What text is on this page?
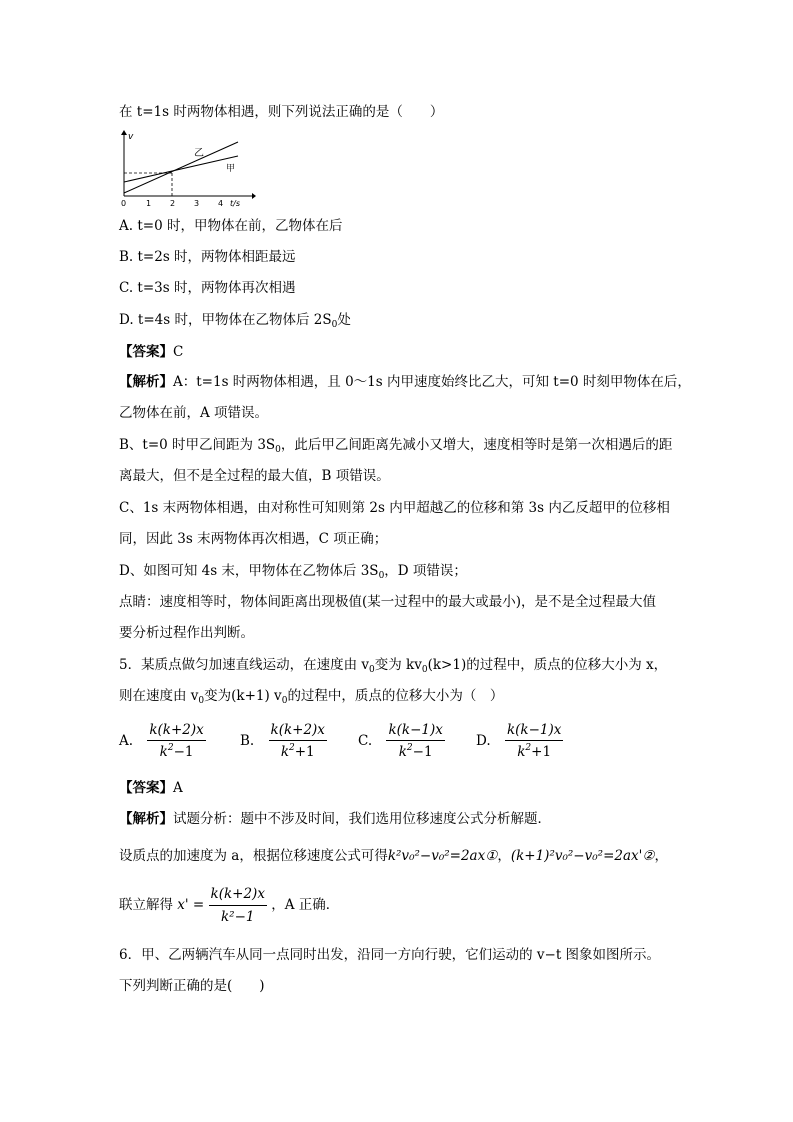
在 t=1s 时两物体相遇，则下列说法正确的是（　　）
v
乙
甲
0 1 2 3 4 t/s
A. t=0 时，甲物体在前，乙物体在后
B. t=2s 时，两物体相距最远
C. t=3s 时，两物体再次相遇
D. t=4s 时，甲物体在乙物体后 $2S_0$处
【答案】C
【解析】A：t=1s 时两物体相遇，且 0～1s 内甲速度始终比乙大，可知 t=0 时刻甲物体在后，
乙物体在前，A 项错误。
B、t=0 时甲乙间距为 $3S_0$，此后甲乙间距离先减小又增大，速度相等时是第一次相遇后的距
离最大，但不是全过程的最大值，B 项错误。
C、1s 末两物体相遇，由对称性可知则第 2s 内甲超越乙的位移和第 3s 内乙反超甲的位移相
同，因此 3s 末两物体再次相遇，C 项正确；
D、如图可知 4s 末，甲物体在乙物体后 $3S_0$，D 项错误；
点睛：速度相等时，物体间距离出现极值(某一过程中的最大或最小)，是不是全过程最大值
要分析过程作出判断。
5．某质点做匀加速直线运动，在速度由 $v_0$变为 $kv_0(k>1)$的过程中，质点的位移大小为 x，
则在速度由 $v_0$变为(k+1) $v_0$的过程中，质点的位移大小为（　）
A. $\frac{k(k+2)x}{k^2-1}$	B. $\frac{k(k+2)x}{k^2+1} C$. $\frac{k(k-1)x}{k^2-1} D$. $\frac{k(k-1)x}{k^2+1}$
【答案】A
【解析】试题分析：题中不涉及时间，我们选用位移速度公式分析解题．
设质点的加速度为 a，根据位移速度公式可得k²v₀²−v₀²=2ax①，(k+1)²v₀²−v₀²=2ax'②，
联立解得 $x' = \frac{k(k+2)x}{\text{k²−1}}$ ，A 正确．
6．甲、乙两辆汽车从同一点同时出发，沿同一方向行驶，它们运动的 v−t 图象如图所示。
下列判断正确的是(　　)
